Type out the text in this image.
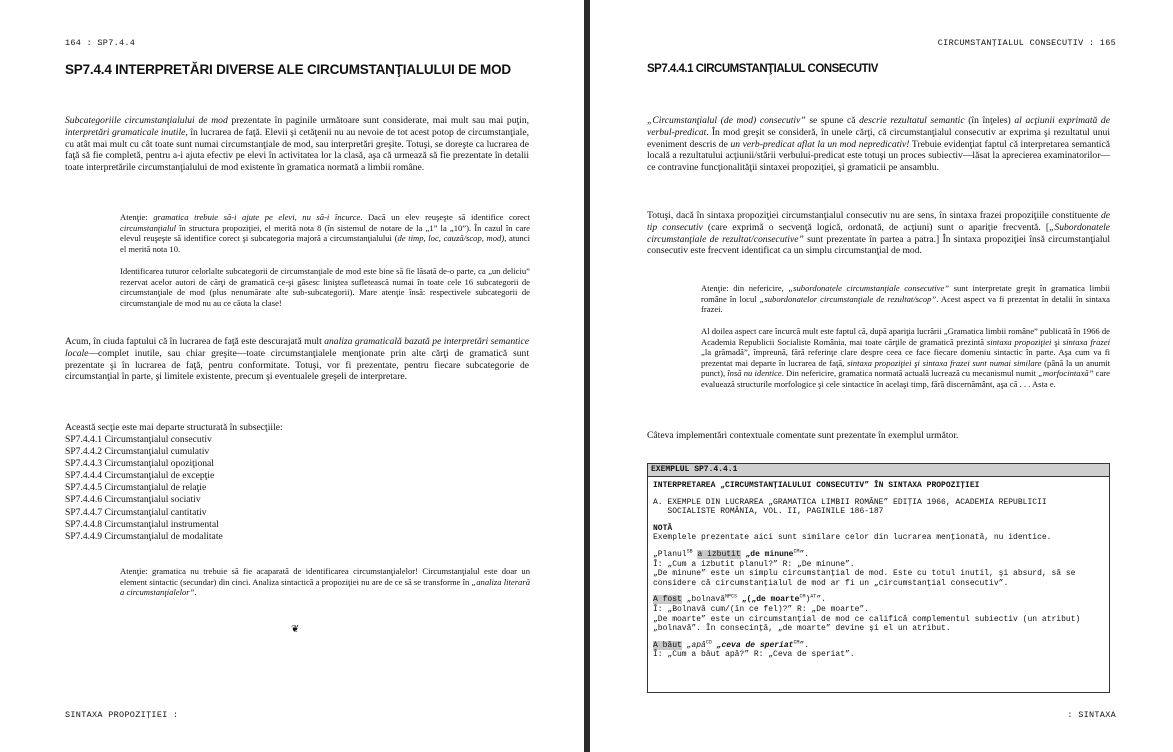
164 : SP7.4.4
SP7.4.4 INTERPRETĂRI DIVERSE ALE CIRCUMSTANŢIALULUI DE MOD

Subcategoriile circumstanţialului de mod prezentate în paginile următoare sunt considerate, mai mult sau mai puţin, interpretări gramaticale inutile, în lucrarea de faţă. Elevii şi cetăţenii nu au nevoie de tot acest potop de circumstanţiale, cu atât mai mult cu cât toate sunt numai circumstanţiale de mod, sau interpretări greşite. Totuşi, se doreşte ca lucrarea de faţă să fie completă, pentru a-i ajuta efectiv pe elevi în activitatea lor la clasă, aşa că urmează să fie prezentate în detalii toate interpretările circumstanţialului de mod existente în gramatica normată a limbii române.

Atenţie: gramatica trebuie să-i ajute pe elevi, nu să-i încurce. Dacă un elev reuşeşte să identifice corect circumstanţialul în structura propoziţiei, el merită nota 8 (în sistemul de notare de la „1” la „10”). În cazul în care elevul reuşeşte să identifice corect şi subcategoria majoră a circumstanţialului (de timp, loc, cauză/scop, mod), atunci el merită nota 10.

Identificarea tuturor celorlalte subcategorii de circumstanţiale de mod este bine să fie lăsată de-o parte, ca „un deliciu” rezervat acelor autori de cărţi de gramatică ce-şi găsesc liniştea sufletească numai în toate cele 16 subcategorii de circumstanţiale de mod (plus nenumărate alte sub-subcategorii). Mare atenţie însă: respectivele subcategorii de circumstanţiale de mod nu au ce căuta la clase!

Acum, în ciuda faptului că în lucrarea de faţă este descurajată mult analiza gramaticală bazată pe interpretări semantice locale—complet inutile, sau chiar greşite—toate circumstanţialele menţionate prin alte cărţi de gramatică sunt prezentate şi în lucrarea de faţă, pentru conformitate. Totuşi, vor fi prezentate, pentru fiecare subcategorie de circumstanţial în parte, şi limitele existente, precum şi eventualele greşeli de interpretare.

Această secţie este mai departe structurată în subsecţiile:
SP7.4.4.1 Circumstanţialul consecutiv
SP7.4.4.2 Circumstanţialul cumulativ
SP7.4.4.3 Circumstanţialul opoziţional
SP7.4.4.4 Circumstanţialul de excepţie
SP7.4.4.5 Circumstanţialul de relaţie
SP7.4.4.6 Circumstanţialul sociativ
SP7.4.4.7 Circumstanţialul cantitativ
SP7.4.4.8 Circumstanţialul instrumental
SP7.4.4.9 Circumstanţialul de modalitate

Atenţie: gramatica nu trebuie să fie acaparată de identificarea circumstanţialelor! Circumstanţialul este doar un element sintactic (secundar) din cinci. Analiza sintactică a propoziţiei nu are de ce să se transforme în „analiza literară a circumstanţialelor”.

❦
SINTAXA PROPOZIŢIEI :
CIRCUMSTANŢIALUL CONSECUTIV : 165
SP7.4.4.1 CIRCUMSTANŢIALUL CONSECUTIV

„Circumstanţialul (de mod) consecutiv” se spune că descrie rezultatul semantic (în înţeles) al acţiunii exprimată de verbul-predicat. În mod greşit se consideră, în unele cărţi, că circumstanţialul consecutiv ar exprima şi rezultatul unui eveniment descris de un verb-predicat aflat la un mod nepredicativ! Trebuie evidenţiat faptul că interpretarea semantică locală a rezultatului acţiunii/stării verbului-predicat este totuşi un proces subiectiv—lăsat la aprecierea examinatorilor—ce contravine funcţionalităţii sintaxei propoziţiei, şi gramaticii pe ansamblu.

Totuşi, dacă în sintaxa propoziţiei circumstanţialul consecutiv nu are sens, în sintaxa frazei propoziţiile constituente de tip consecutiv (care exprimă o secvenţă logică, ordonată, de acţiuni) sunt o apariţie frecventă. [„Subordonatele circumstanţiale de rezultat/consecutive” sunt prezentate în partea a patra.] În sintaxa propoziţiei însă circumstanţialul consecutiv este frecvent identificat ca un simplu circumstanţial de mod.

Atenţie: din nefericire, „subordonatele circumstanţiale consecutive” sunt interpretate greşit în gramatica limbii române în locul „subordonatelor circumstanţiale de rezultat/scop”. Acest aspect va fi prezentat în detalii în sintaxa frazei.

Al doilea aspect care încurcă mult este faptul că, după apariţia lucrării „Gramatica limbii române” publicată în 1966 de Academia Republicii Socialiste România, mai toate cărţile de gramatică prezintă sintaxa propoziţiei şi sintaxa frazei „la grămadă”, împreună, fără referinţe clare despre ceea ce face fiecare domeniu sintactic în parte. Aşa cum va fi prezentat mai departe în lucrarea de faţă, sintaxa propoziţiei şi sintaxa frazei sunt numai similare (până la un anumit punct), însă nu identice. Din nefericire, gramatica normată actuală lucrează cu mecanismul numit „morfocintaxă” care evaluează structurile morfologice şi cele sintactice în acelaşi timp, fără discernământ, aşa că . . . Asta e.

Câteva implementări contextuale comentate sunt prezentate în exemplul următor.
EXEMPLUL SP7.4.4.1
INTERPRETAREA „CIRCUMSTANŢIALULUI CONSECUTIV” ÎN SINTAXA PROPOZIŢIEI
A. EXEMPLE DIN LUCRAREA „GRAMATICA LIMBII ROMÂNE” EDIŢIA 1966, ACADEMIA REPUBLICII
SOCIALISTE ROMÂNIA, VOL. II, PAGINILE 186-187
NOTĂ
Exemplele prezentate aici sunt similare celor din lucrarea menţionată, nu identice.
„Planul$^{SB}$ a izbutit „de minune$^{CM}$”.
Î: „Cum a izbutit planul?” R: „De minune”.
„De minune” este un simplu circumstanţial de mod. Este cu totul inutil, şi absurd, să se considere că circumstanţialul de mod ar fi un „circumstanţial consecutiv”.
A fost „bolnavă$^{NPCS}$ „(„de moarte$^{CM}$)$^{AT}$”.
Î: „Bolnavă cum/(în ce fel)?” R: „De moarte”.
„De moarte” este un circumstanţial de mod ce califică complementul subiectiv (un atribut) „bolnavă”. În consecinţă, „de moarte” devine şi el un atribut.
A băut „apă$^{CD}$ „ceva de speriat$^{CM}$”.
Î: „Cum a băut apă?” R: „Ceva de speriat”.
: SINTAXA
